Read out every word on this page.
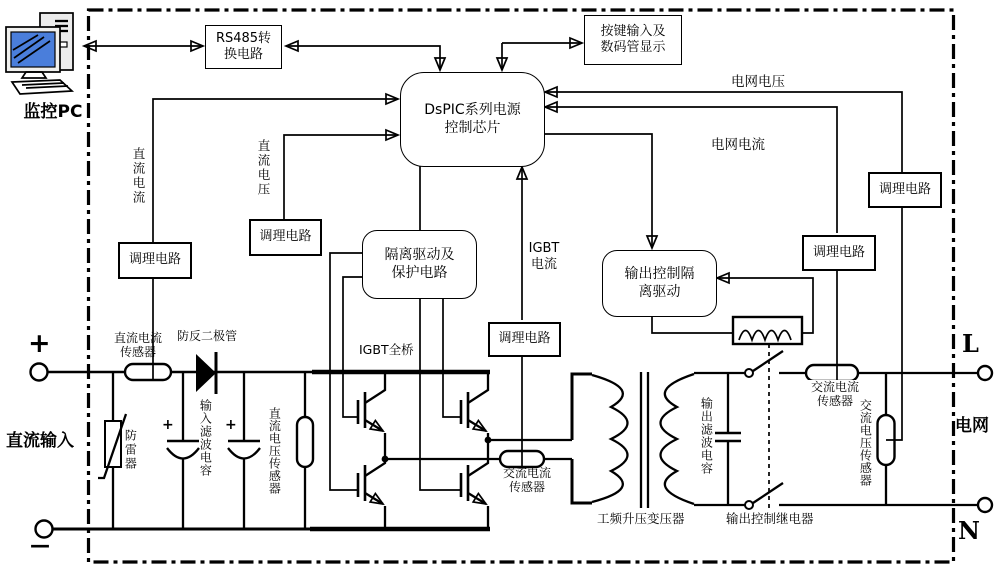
RS485转
换电路
按键输入及
数码管显示
DsPIC系列电源
控制芯片
隔离驱动及
保护电路	输出控制隔
离驱动
调理电路
调理电路
调理电路
调理电路
调理电路
监控PC
直流电流	直流电压
IGBT
电流
电网电压
电网电流
直流电流
传感器
防反二极管
IGBT全桥
防雷器	输入滤波电容	直流电压传感器
+	+
交流电流
传感器
工频升压变压器
输出滤波电容
输出控制继电器
交流电流
传感器 交流电压传感器
+
—
直流输入
L
N
电网
